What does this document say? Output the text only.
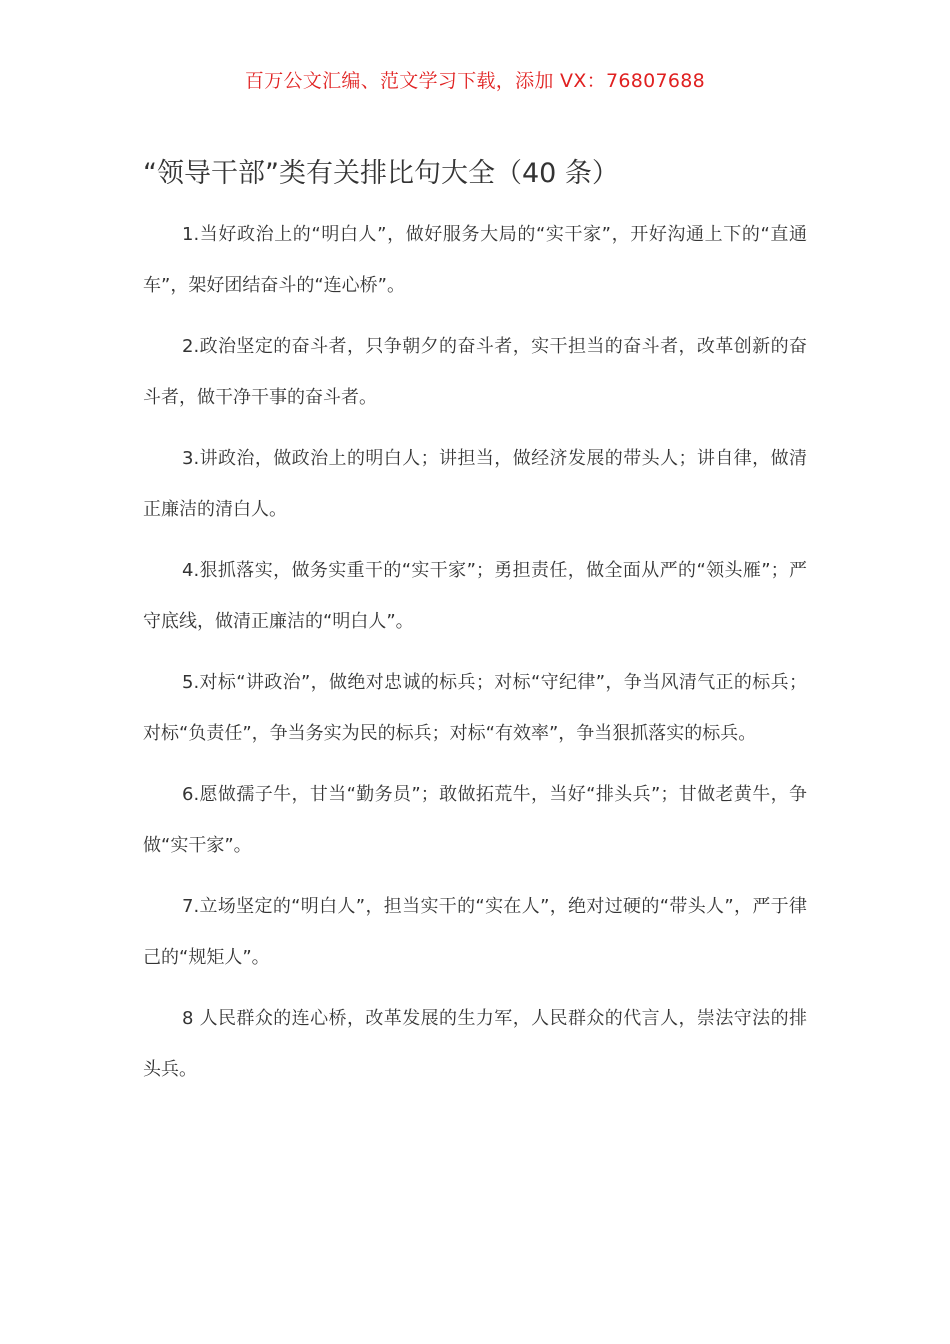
百万公文汇编、范文学习下载，添加 VX：76807688
“领导干部”类有关排比句大全（40 条）

1.当好政治上的“明白人”，做好服务大局的“实干家”，开好沟通上下的“直通车”，架好团结奋斗的“连心桥”。

2.政治坚定的奋斗者，只争朝夕的奋斗者，实干担当的奋斗者，改革创新的奋斗者，做干净干事的奋斗者。

3.讲政治，做政治上的明白人；讲担当，做经济发展的带头人；讲自律，做清正廉洁的清白人。

4.狠抓落实，做务实重干的“实干家”；勇担责任，做全面从严的“领头雁”；严守底线，做清正廉洁的“明白人”。

5.对标“讲政治”，做绝对忠诚的标兵；对标“守纪律”，争当风清气正的标兵；对标“负责任”，争当务实为民的标兵；对标“有效率”，争当狠抓落实的标兵。

6.愿做孺子牛，甘当“勤务员”；敢做拓荒牛，当好“排头兵”；甘做老黄牛，争做“实干家”。

7.立场坚定的“明白人”，担当实干的“实在人”，绝对过硬的“带头人”，严于律己的“规矩人”。

8 人民群众的连心桥，改革发展的生力军，人民群众的代言人，崇法守法的排头兵。
